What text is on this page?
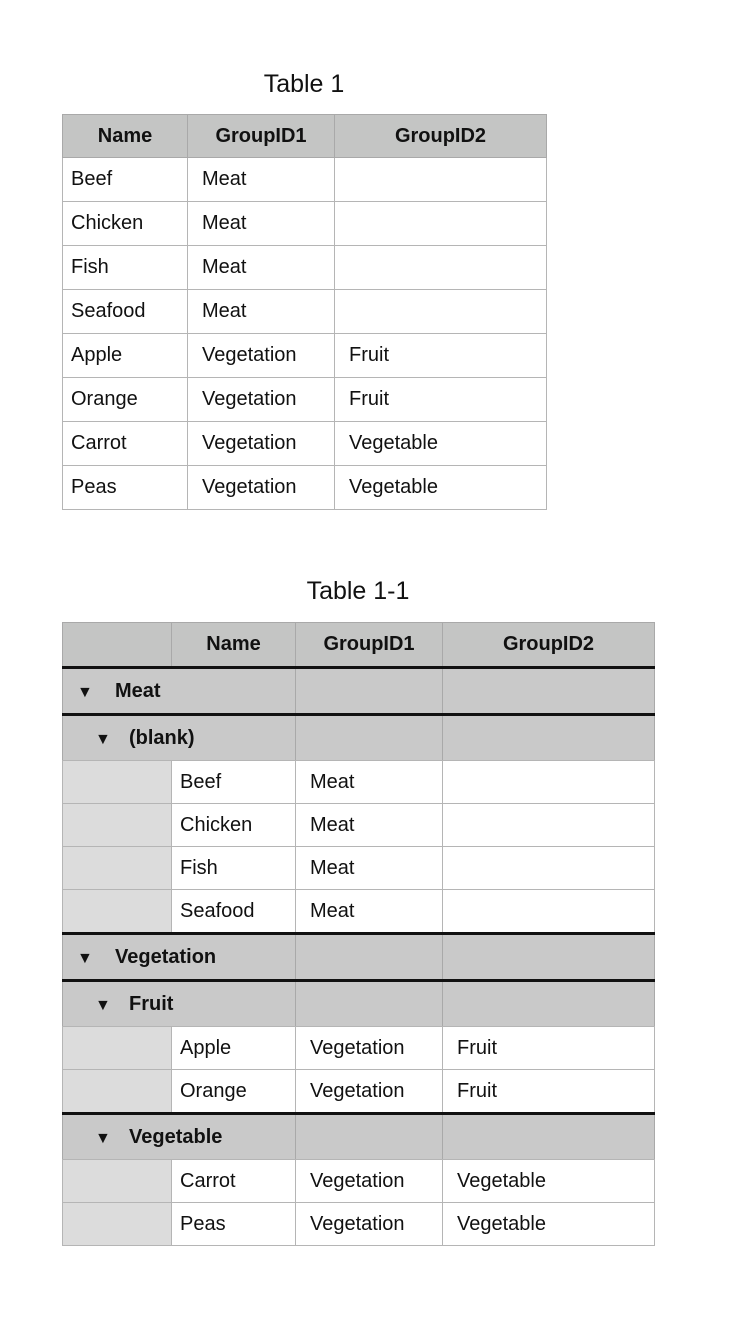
Table 1
Name	GroupID1	GroupID2
Beef	Meat	
Chicken	Meat	
Fish	Meat	
Seafood	Meat	
Apple	Vegetation	Fruit
Orange	Vegetation	Fruit
Carrot	Vegetation	Vegetable
Peas	Vegetation	Vegetable
Table 1-1
	Name	GroupID1	GroupID2
▼ Meat			
▼ (blank)			
	Beef	Meat	
	Chicken	Meat	
	Fish	Meat	
	Seafood	Meat	
▼ Vegetation			
▼ Fruit			
	Apple	Vegetation	Fruit
	Orange	Vegetation	Fruit
▼ Vegetable			
	Carrot	Vegetation	Vegetable
	Peas	Vegetation	Vegetable
